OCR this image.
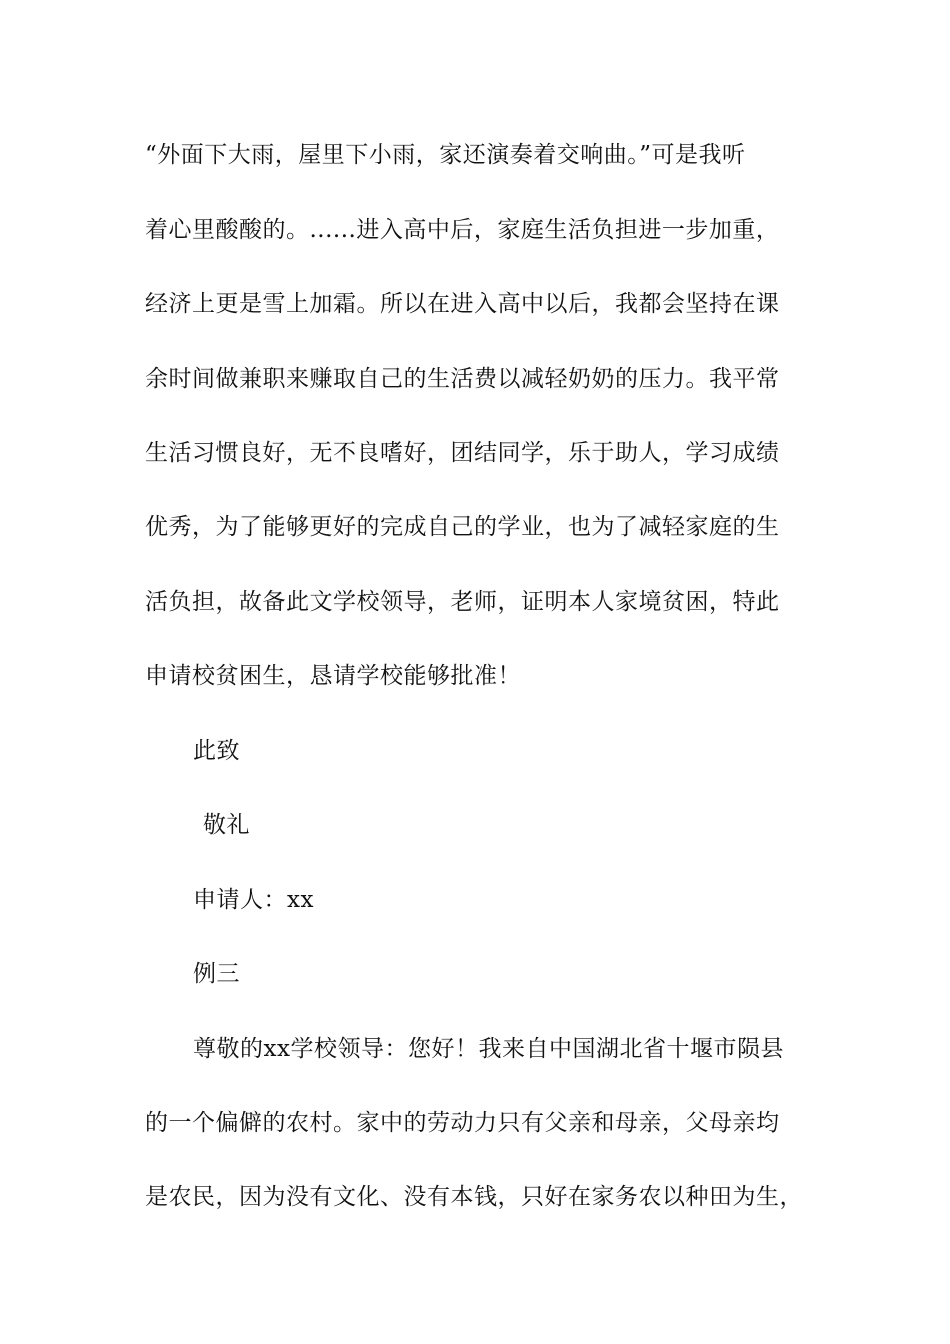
“外面下大雨，屋里下小雨，家还演奏着交响曲。”可是我听
着心里酸酸的。......进入高中后，家庭生活负担进一步加重，
经济上更是雪上加霜。所以在进入高中以后，我都会坚持在课
余时间做兼职来赚取自己的生活费以减轻奶奶的压力。我平常
生活习惯良好，无不良嗜好，团结同学，乐于助人，学习成绩
优秀，为了能够更好的完成自己的学业，也为了减轻家庭的生
活负担，故备此文学校领导，老师，证明本人家境贫困，特此
申请校贫困生，恳请学校能够批准！
此致
敬礼
申请人：xx
例三
尊敬的xx学校领导：您好！我来自中国湖北省十堰市陨县
的一个偏僻的农村。家中的劳动力只有父亲和母亲，父母亲均
是农民，因为没有文化、没有本钱，只好在家务农以种田为生，
